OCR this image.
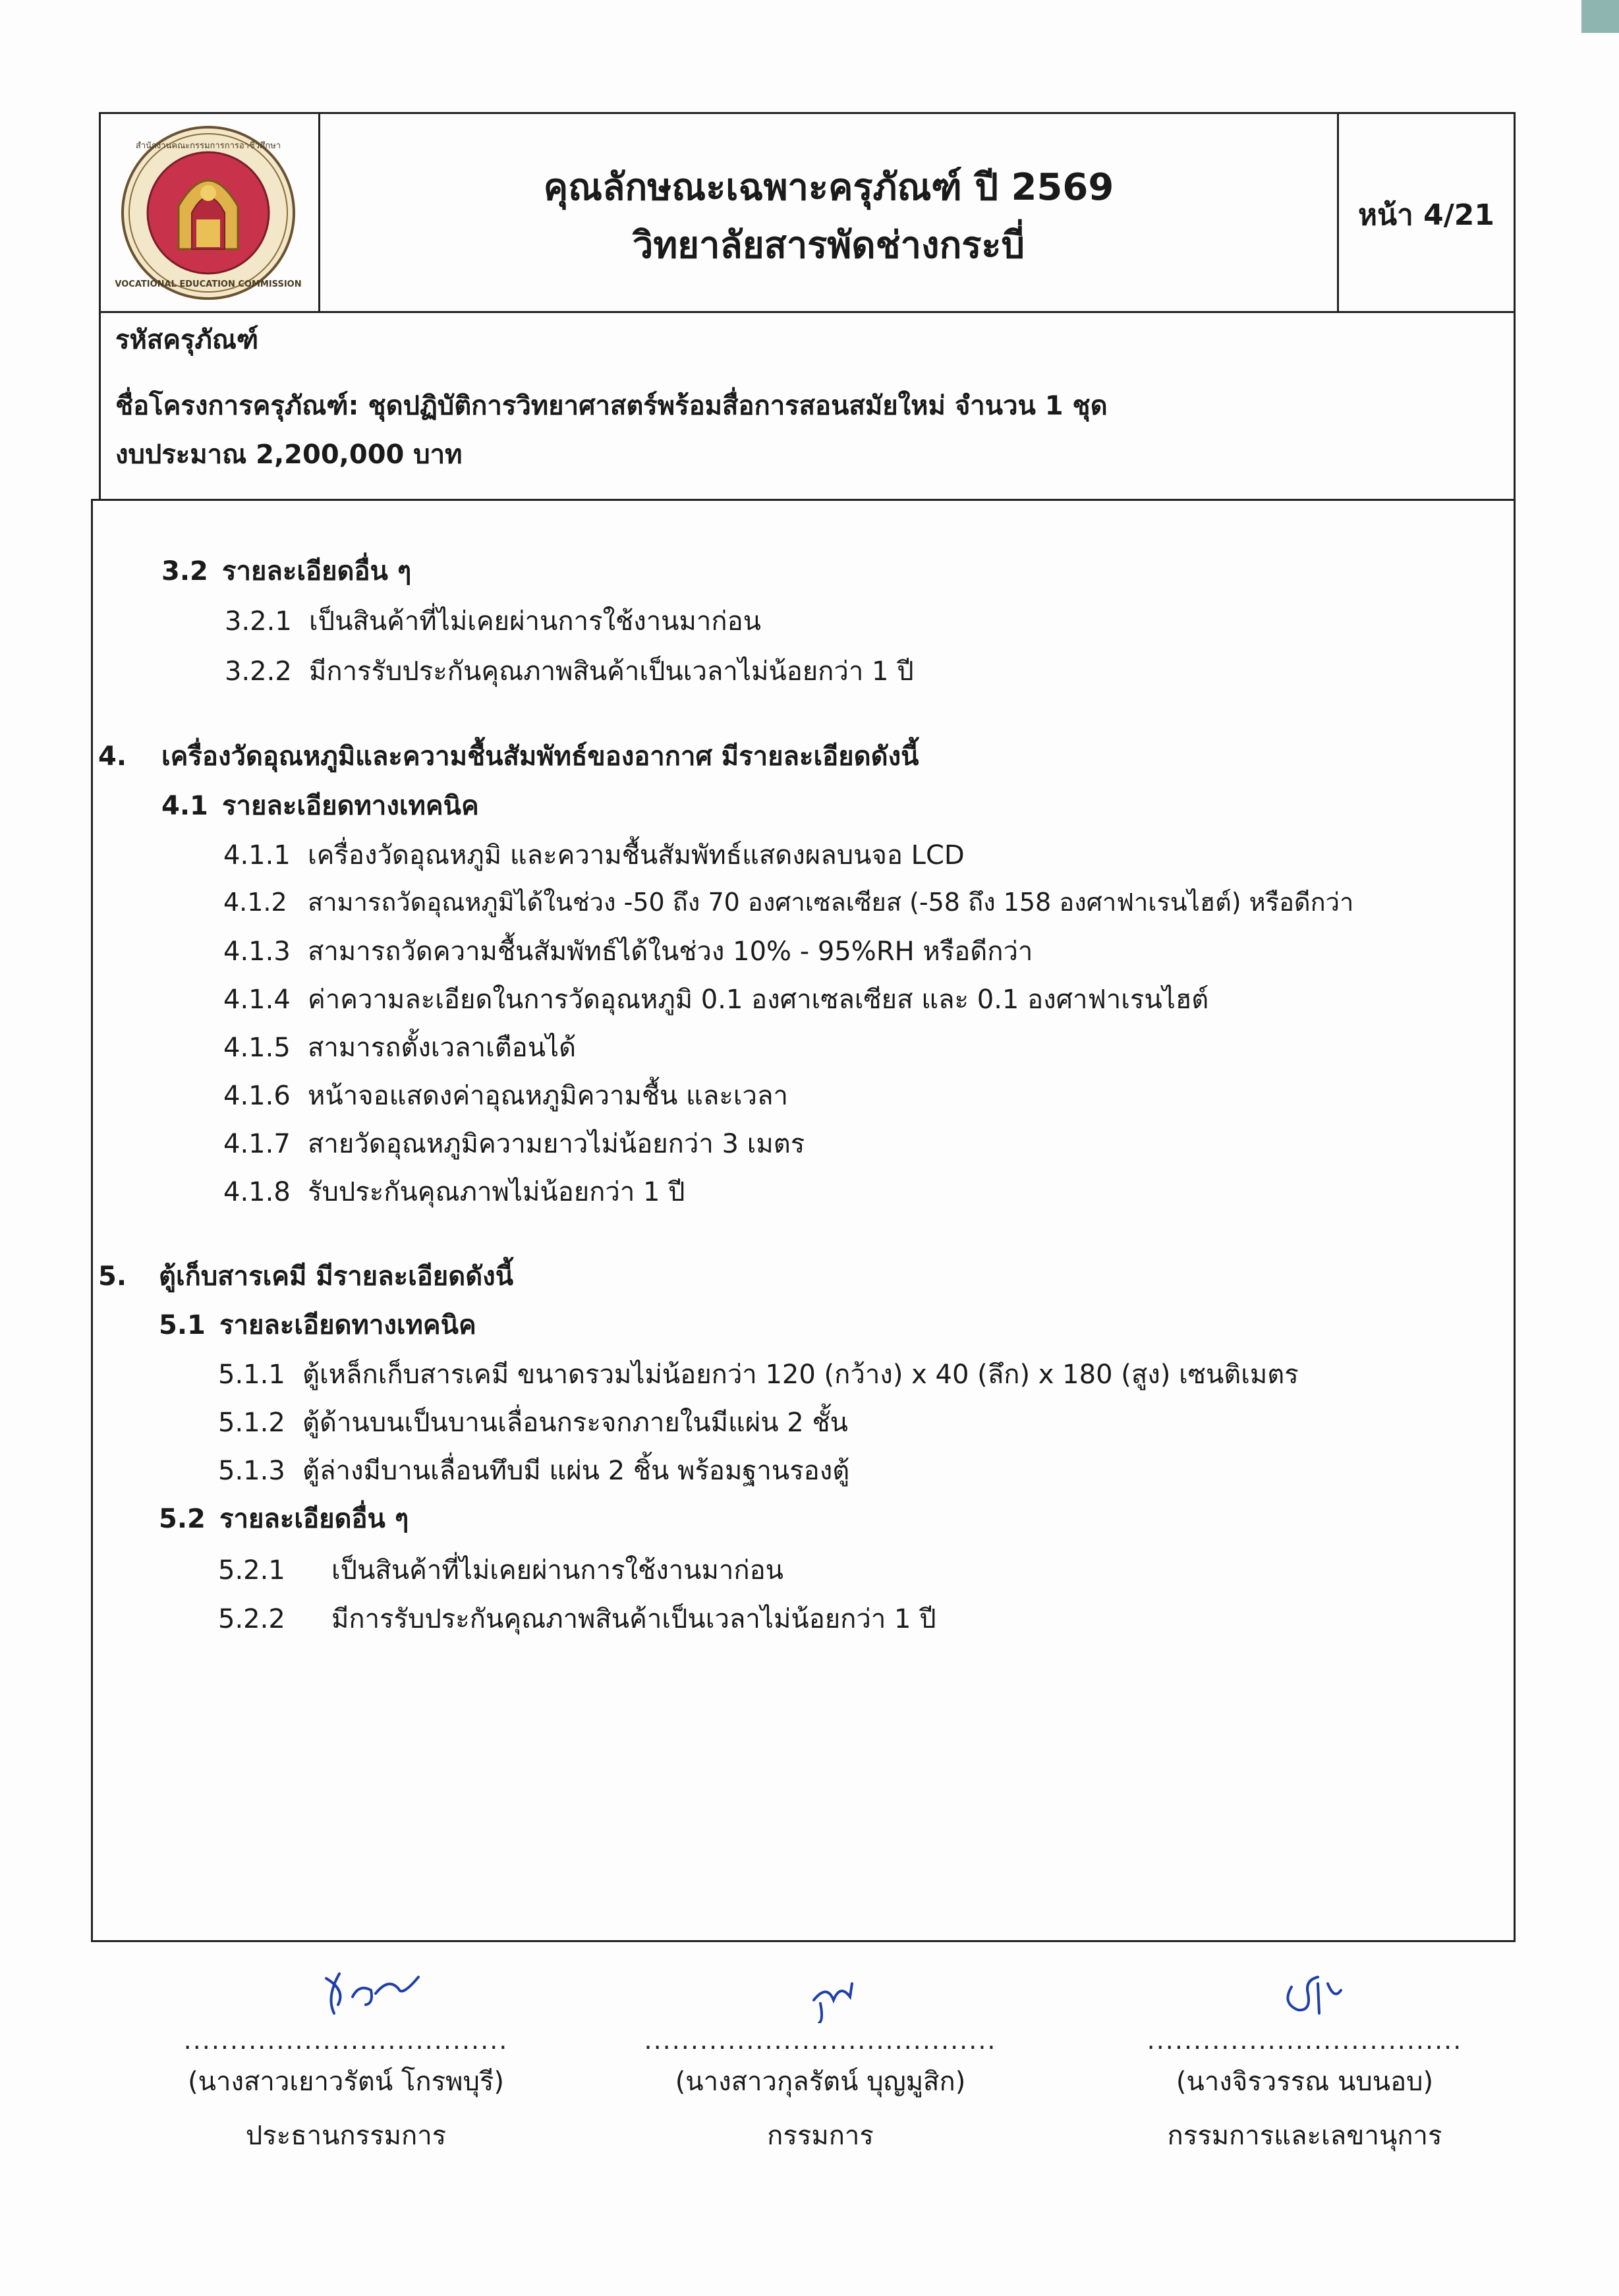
สำนักงานคณะกรรมการการอาชีวศึกษา
VOCATIONAL EDUCATION COMMISSION
คุณลักษณะเฉพาะครุภัณฑ์ ปี 2569
วิทยาลัยสารพัดช่างกระบี่
หน้า 4/21
รหัสครุภัณฑ์
ชื่อโครงการครุภัณฑ์: ชุดปฏิบัติการวิทยาศาสตร์พร้อมสื่อการสอนสมัยใหม่ จำนวน 1 ชุด
งบประมาณ 2,200,000 บาท
3.2 รายละเอียดอื่น ๆ
3.2.1 เป็นสินค้าที่ไม่เคยผ่านการใช้งานมาก่อน
3.2.2 มีการรับประกันคุณภาพสินค้าเป็นเวลาไม่น้อยกว่า 1 ปี
4. เครื่องวัดอุณหภูมิและความชื้นสัมพัทธ์ของอากาศ มีรายละเอียดดังนี้
4.1 รายละเอียดทางเทคนิค
4.1.1 เครื่องวัดอุณหภูมิ และความชื้นสัมพัทธ์แสดงผลบนจอ LCD
4.1.2 สามารถวัดอุณหภูมิได้ในช่วง -50 ถึง 70 องศาเซลเซียส (-58 ถึง 158 องศาฟาเรนไฮต์) หรือดีกว่า
4.1.3 สามารถวัดความชื้นสัมพัทธ์ได้ในช่วง 10% - 95%RH หรือดีกว่า
4.1.4 ค่าความละเอียดในการวัดอุณหภูมิ 0.1 องศาเซลเซียส และ 0.1 องศาฟาเรนไฮต์
4.1.5 สามารถตั้งเวลาเตือนได้
4.1.6 หน้าจอแสดงค่าอุณหภูมิความชื้น และเวลา
4.1.7 สายวัดอุณหภูมิความยาวไม่น้อยกว่า 3 เมตร
4.1.8 รับประกันคุณภาพไม่น้อยกว่า 1 ปี
5. ตู้เก็บสารเคมี มีรายละเอียดดังนี้
5.1 รายละเอียดทางเทคนิค
5.1.1 ตู้เหล็กเก็บสารเคมี ขนาดรวมไม่น้อยกว่า 120 (กว้าง) x 40 (ลึก) x 180 (สูง) เซนติเมตร
5.1.2 ตู้ด้านบนเป็นบานเลื่อนกระจกภายในมีแผ่น 2 ชั้น
5.1.3 ตู้ล่างมีบานเลื่อนทึบมี แผ่น 2 ชิ้น พร้อมฐานรองตู้
5.2 รายละเอียดอื่น ๆ
5.2.1 เป็นสินค้าที่ไม่เคยผ่านการใช้งานมาก่อน
5.2.2 มีการรับประกันคุณภาพสินค้าเป็นเวลาไม่น้อยกว่า 1 ปี
...................................
(นางสาวเยาวรัตน์ โกรพบุรี)
ประธานกรรมการ
......................................
(นางสาวกุลรัตน์ บุญมูสิก)
กรรมการ
..................................
(นางจิรวรรณ นบนอบ)
กรรมการและเลขานุการ
